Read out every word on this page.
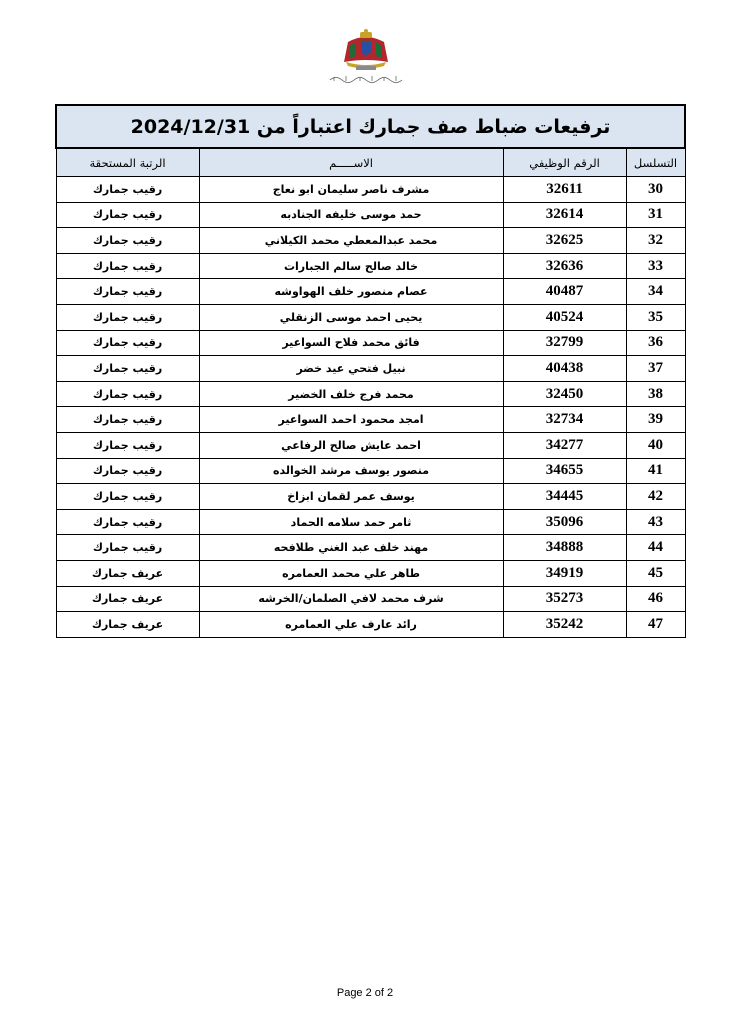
ترفيعات ضباط صف جمارك اعتباراً من 2024/12/31			
التسلسل	الرقم الوظيفي	الاســـــم	الرتبة المستحقة
30	32611	مشرف ناصر سليمان ابو نعاج	رقيب جمارك
31	32614	حمد موسى خليفه الجنادبه	رقيب جمارك
32	32625	محمد عبدالمعطي محمد الكيلاني	رقيب جمارك
33	32636	خالد صالح سالم الجبارات	رقيب جمارك
34	40487	عصام منصور خلف الهواوشه	رقيب جمارك
35	40524	يحيى احمد موسى الزنقلي	رقيب جمارك
36	32799	فائق محمد فلاح السواعير	رقيب جمارك
37	40438	نبيل فتحي عيد خضر	رقيب جمارك
38	32450	محمد فرج خلف الخضير	رقيب جمارك
39	32734	امجد محمود احمد السواعير	رقيب جمارك
40	34277	احمد عايش صالح الرفاعي	رقيب جمارك
41	34655	منصور يوسف مرشد الخوالده	رقيب جمارك
42	34445	يوسف عمر لقمان ابزاخ	رقيب جمارك
43	35096	ثامر حمد سلامه الحماد	رقيب جمارك
44	34888	مهند خلف عبد الغني طلافحه	رقيب جمارك
45	34919	طاهر علي محمد العمامره	عريف جمارك
46	35273	شرف محمد لافي الصلمان/الخرشه	عريف جمارك
47	35242	رائد عارف علي العمامره	عريف جمارك
Page 2 of 2
